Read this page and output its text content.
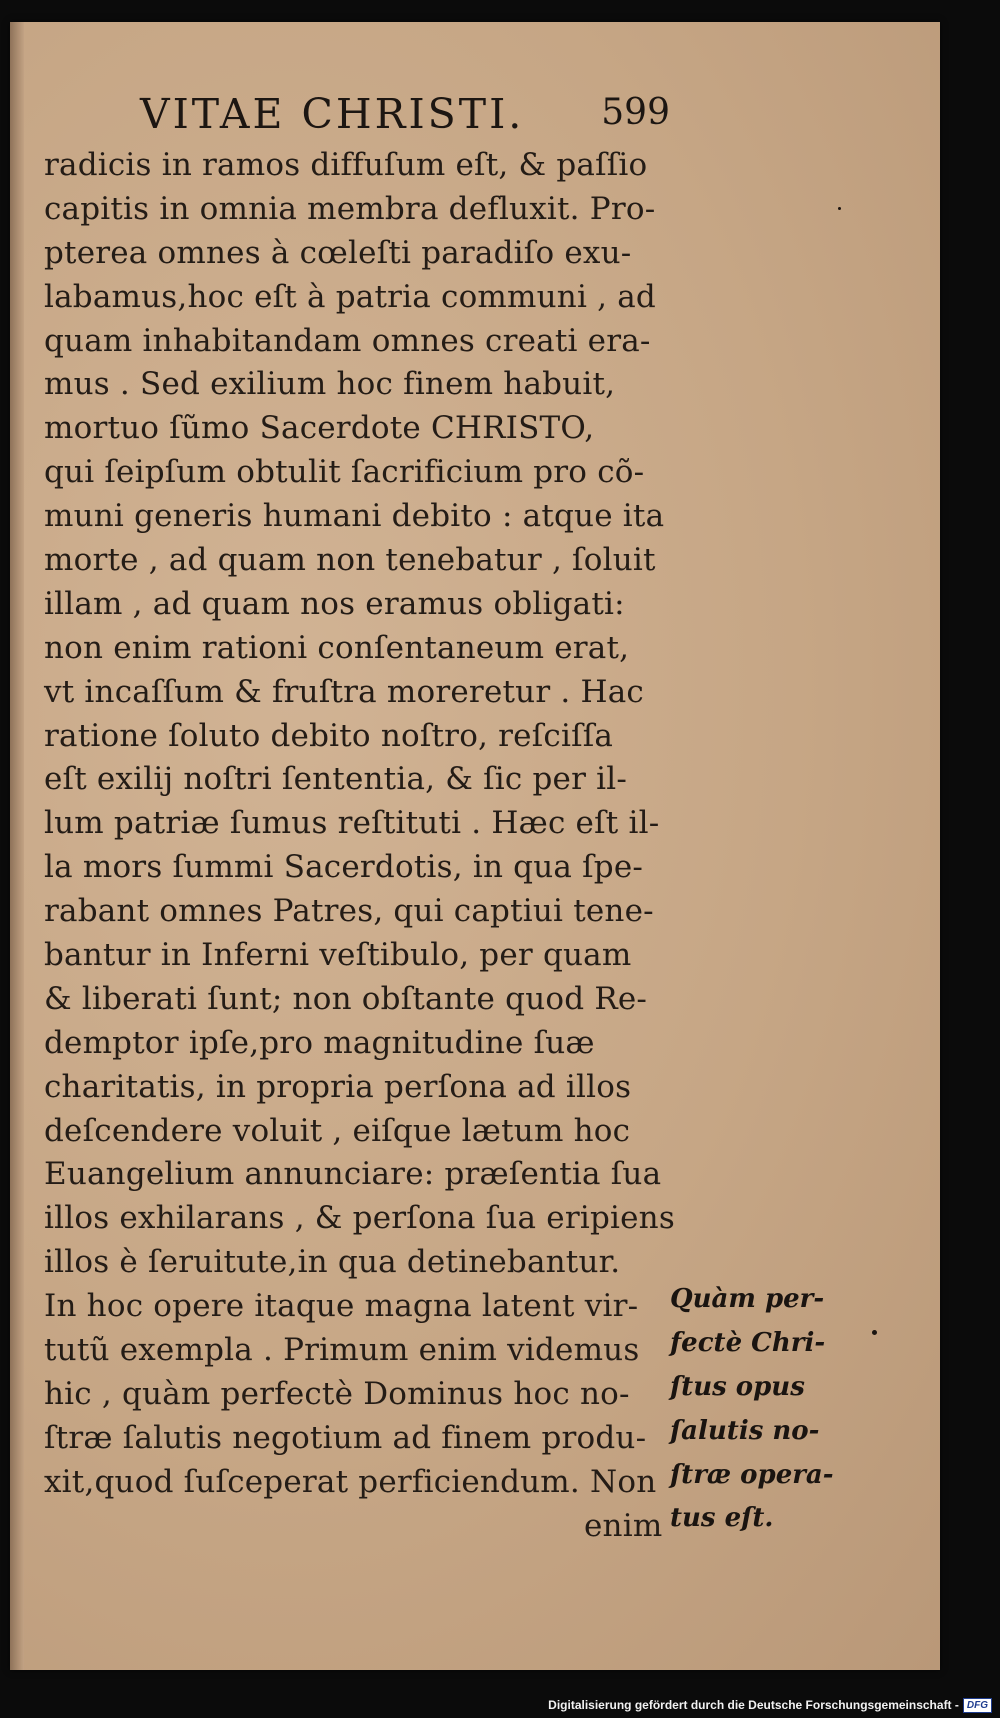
VITAE CHRISTI. 599
radicis in ramos diffuſum eſt, & paſſio
capitis in omnia membra defluxit. Pro-
pterea omnes à cœleſti paradiſo exu-
labamus,hoc eſt à patria communi , ad
quam inhabitandam omnes creati era-
mus . Sed exilium hoc finem habuit,
mortuo ſũmo Sacerdote CHRISTO,
qui ſeipſum obtulit ſacrificium pro cõ-
muni generis humani debito : atque ita
morte , ad quam non tenebatur , ſoluit
illam , ad quam nos eramus obligati:
non enim rationi conſentaneum erat,
vt incaſſum & fruſtra moreretur . Hac
ratione ſoluto debito noſtro, reſciſſa
eſt exilij noſtri ſententia, & ſic per il-
lum patriæ ſumus reſtituti . Hæc eſt il-
la mors ſummi Sacerdotis, in qua ſpe-
rabant omnes Patres, qui captiui tene-
bantur in Inferni veſtibulo, per quam
& liberati ſunt; non obſtante quod Re-
demptor ipſe,pro magnitudine ſuæ
charitatis, in propria perſona ad illos
deſcendere voluit , eiſque lætum hoc
Euangelium annunciare: præſentia ſua
illos exhilarans , & perſona ſua eripiens
illos è ſeruitute,in qua detinebantur.
In hoc opere itaque magna latent vir-
tutũ exempla . Primum enim videmus
hic , quàm perfectè Dominus hoc no-
ſtræ ſalutis negotium ad finem produ-
xit,quod ſuſceperat perficiendum. Non
enim
Quàm per-
fectè Chri-
ſtus opus
ſalutis no-
ſtræ opera-
tus eſt.
Digitalisierung gefördert durch die Deutsche Forschungsgemeinschaft - DFG
